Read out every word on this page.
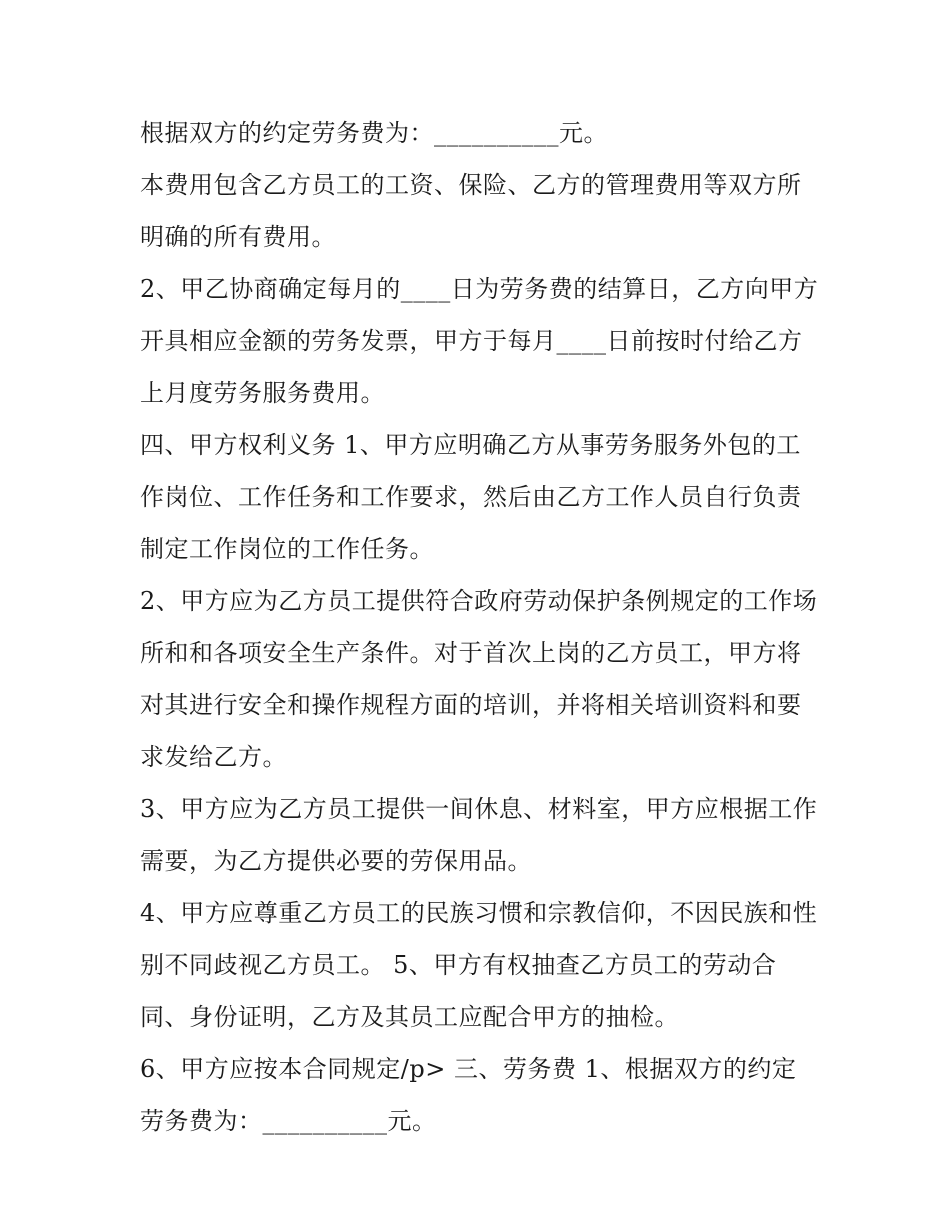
根据双方的约定劳务费为：__________元。

本费用包含乙方员工的工资、保险、乙方的管理费用等双方所明确的所有费用。

2、甲乙协商确定每月的____日为劳务费的结算日，乙方向甲方开具相应金额的劳务发票，甲方于每月____日前按时付给乙方上月度劳务服务费用。

四、甲方权利义务 1、甲方应明确乙方从事劳务服务外包的工作岗位、工作任务和工作要求，然后由乙方工作人员自行负责制定工作岗位的工作任务。

2、甲方应为乙方员工提供符合政府劳动保护条例规定的工作场所和和各项安全生产条件。对于首次上岗的乙方员工，甲方将对其进行安全和操作规程方面的培训，并将相关培训资料和要求发给乙方。

3、甲方应为乙方员工提供一间休息、材料室，甲方应根据工作需要，为乙方提供必要的劳保用品。

4、甲方应尊重乙方员工的民族习惯和宗教信仰，不因民族和性别不同歧视乙方员工。 5、甲方有权抽查乙方员工的劳动合同、身份证明，乙方及其员工应配合甲方的抽检。

6、甲方应按本合同规定/p> 三、劳务费 1、根据双方的约定劳务费为：__________元。
